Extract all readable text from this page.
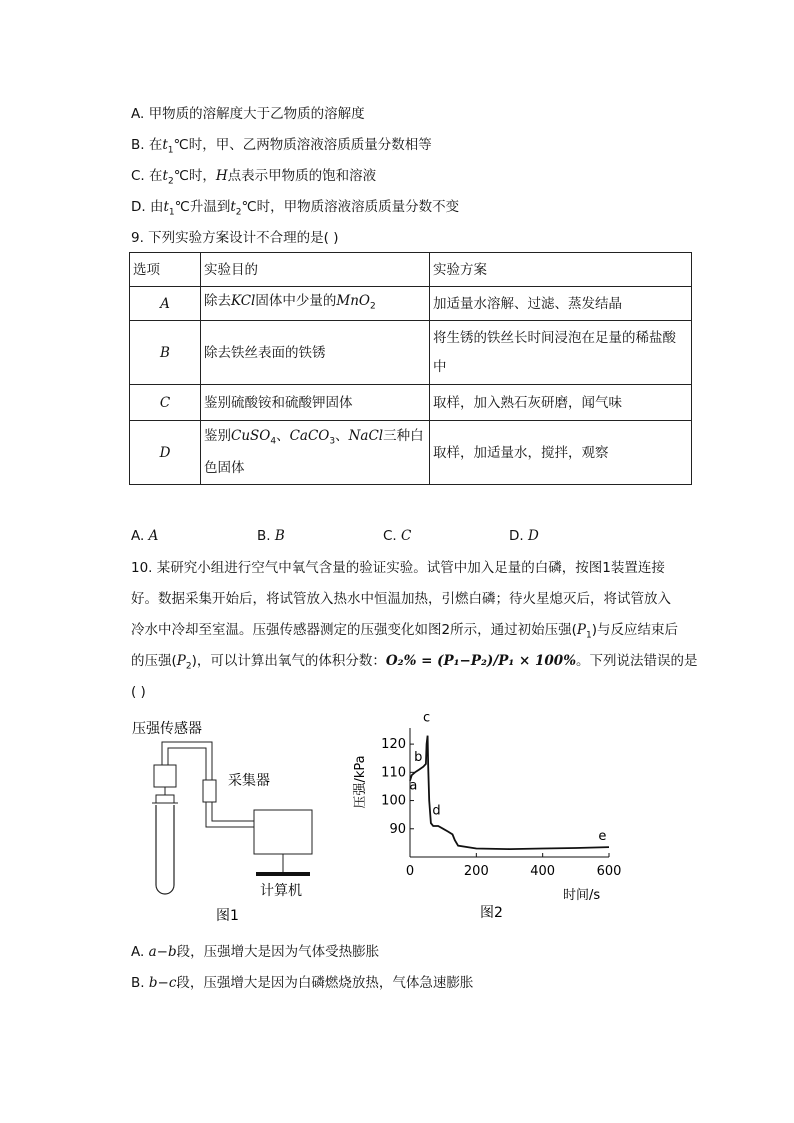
A. 甲物质的溶解度大于乙物质的溶解度
B. 在$t_1℃$时，甲、乙两物质溶液溶质质量分数相等
C. 在$t_2℃$时，H点表示甲物质的饱和溶液
D. 由$t_1℃$升温到$t_2℃$时，甲物质溶液溶质质量分数不变
9. 下列实验方案设计不合理的是( )
选项	实验目的	实验方案
A	除去KCl固体中少量的MnO$_2$	加适量水溶解、过滤、蒸发结晶
B	除去铁丝表面的铁锈	将生锈的铁丝长时间浸泡在足量的稀盐酸中
C	鉴别硫酸铵和硫酸钾固体	取样，加入熟石灰研磨，闻气味
D	鉴别CuSO$_4$、CaCO$_3$、NaCl三种白色固体	取样，加适量水，搅拌，观察
A. A	B. B	C. C	D. D
10. 某研究小组进行空气中氧气含量的验证实验。试管中加入足量的白磷，按图1装置连接
好。数据采集开始后，将试管放入热水中恒温加热，引燃白磷；待火星熄灭后，将试管放入
冷水中冷却至室温。压强传感器测定的压强变化如图2所示，通过初始压强$(P_1)$与反应结束后
的压强$(P_2)$，可以计算出氧气的体积分数：O₂% = (P₁−P₂)/P₁ × 100%。下列说法错误的是
( )
压强传感器
采集器
计算机
图1
0	200	400	600
90
100
110
120
a
b
c
d
e
压强/kPa
时间/s
图2
A. a−b段，压强增大是因为气体受热膨胀
B. b−c段，压强增大是因为白磷燃烧放热，气体急速膨胀
